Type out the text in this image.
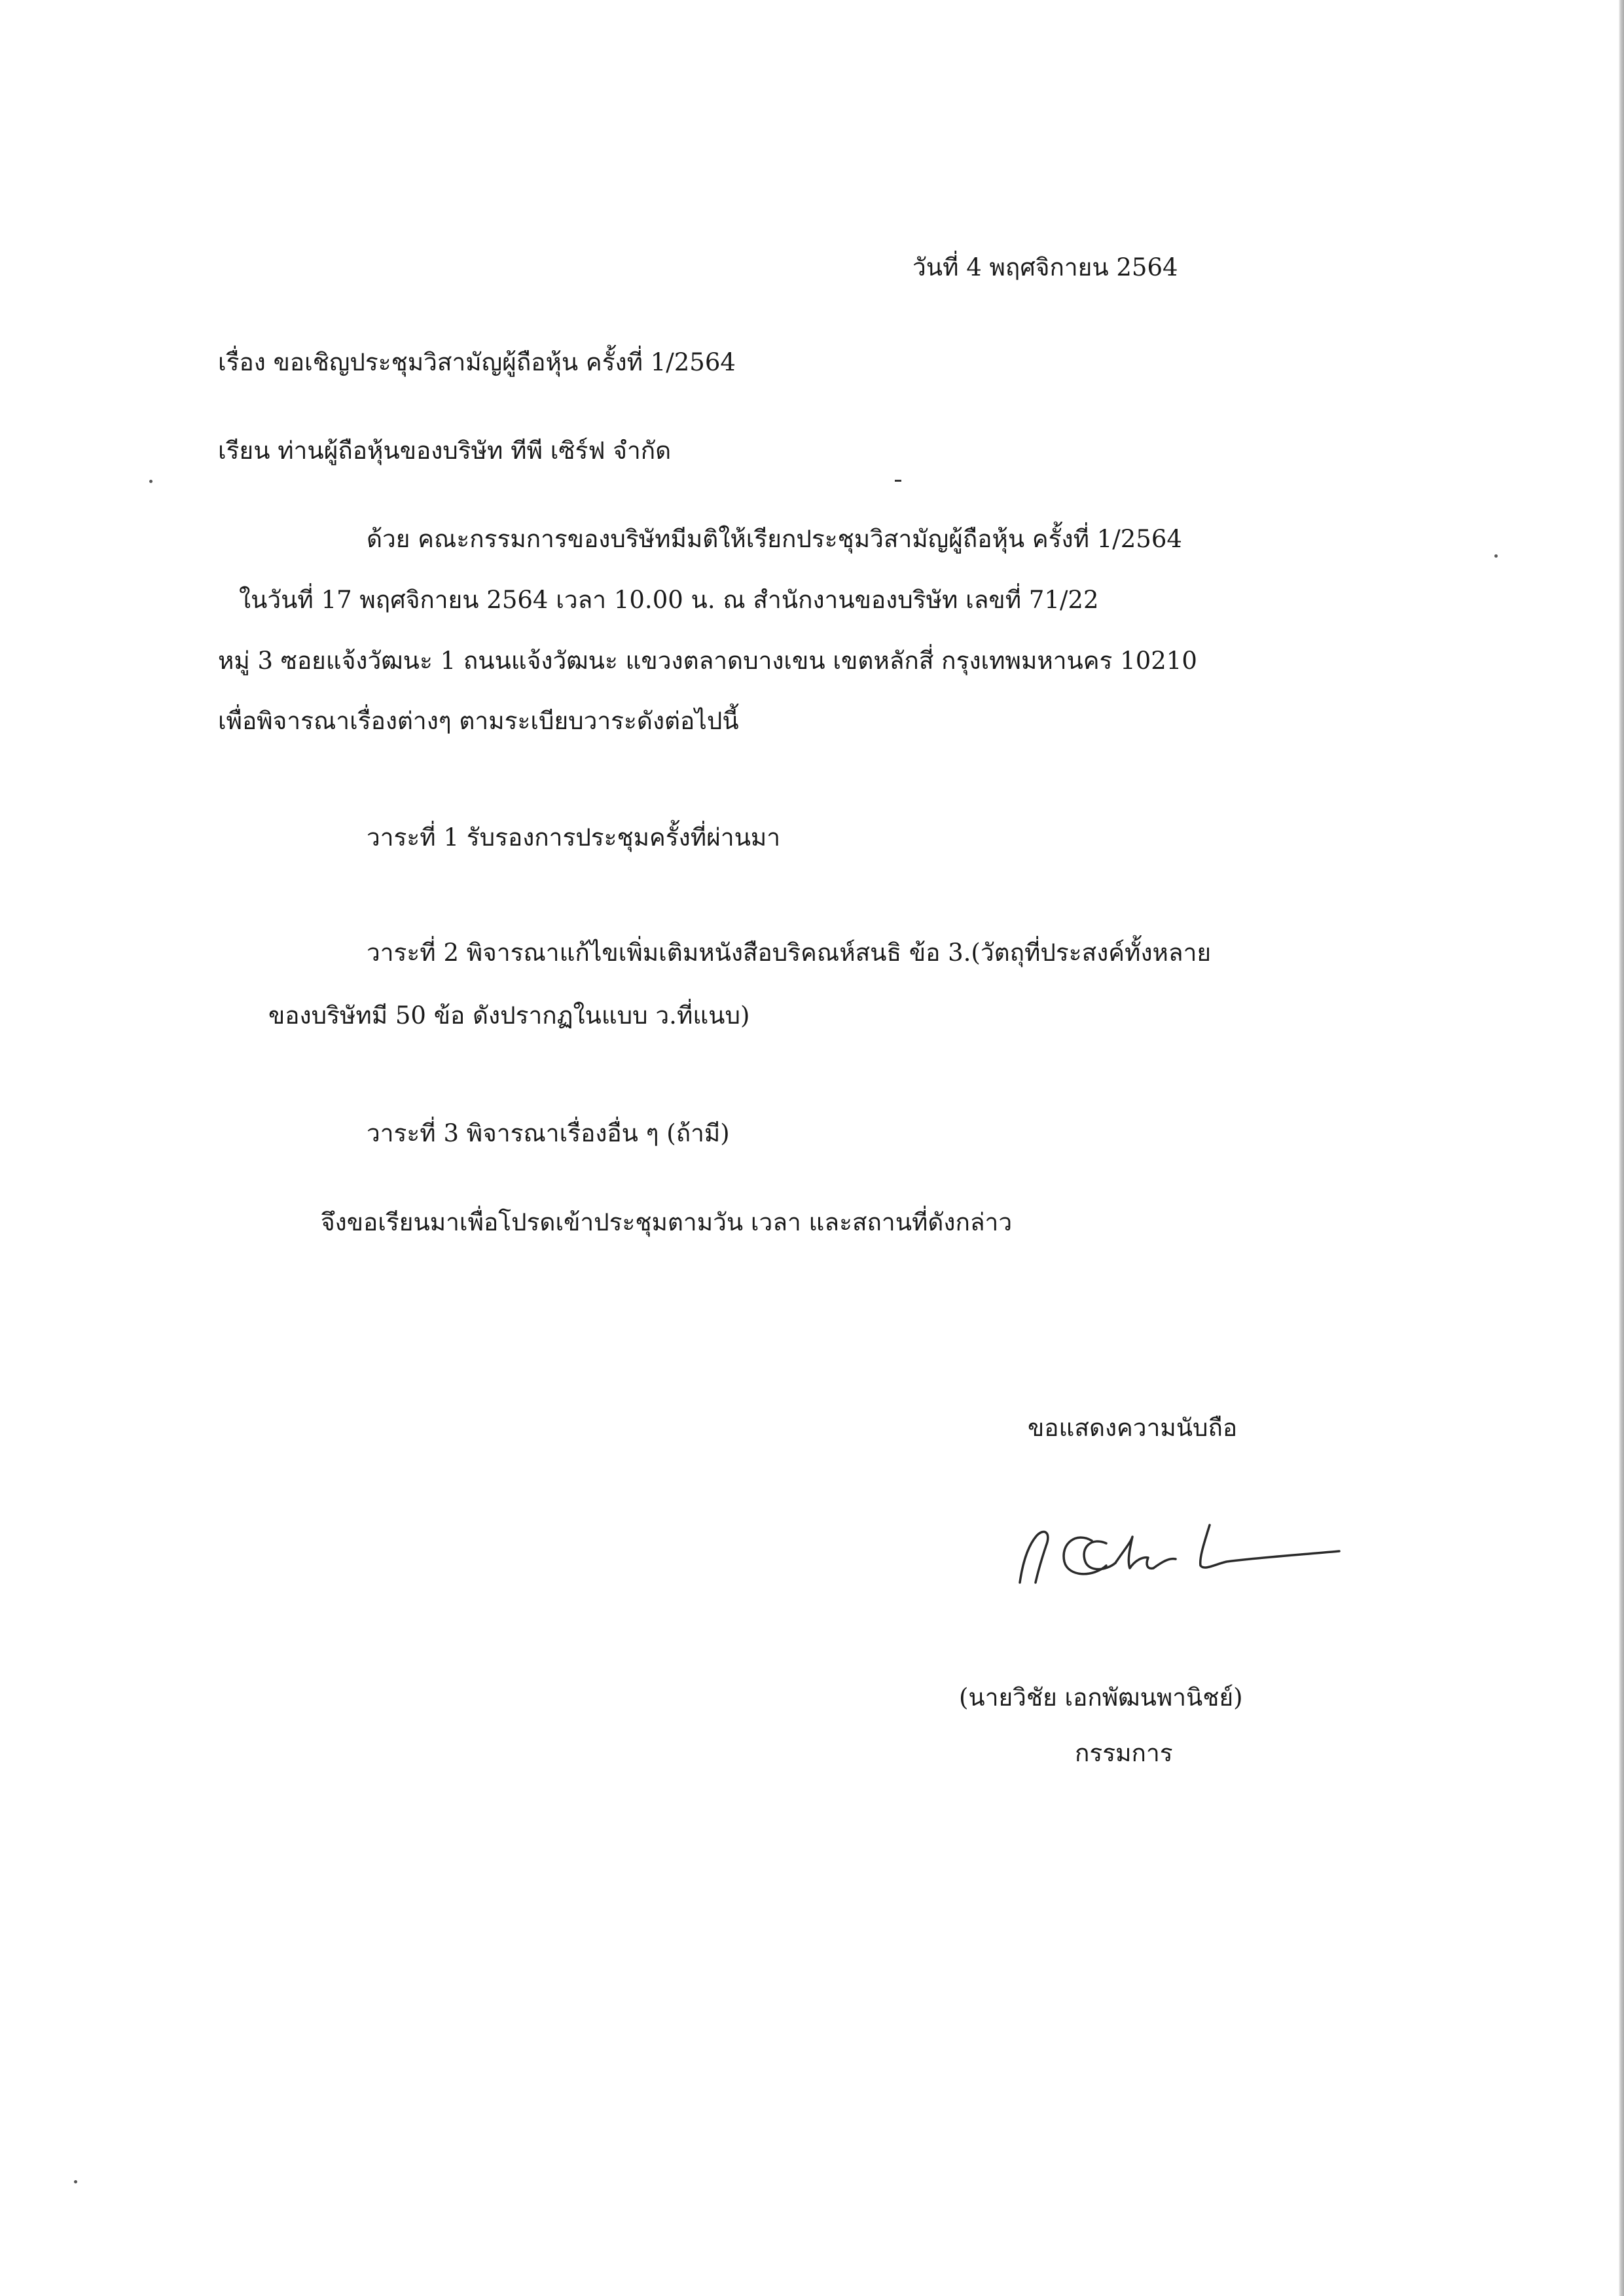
วันที่ 4 พฤศจิกายน 2564
เรื่อง ขอเชิญประชุมวิสามัญผู้ถือหุ้น ครั้งที่ 1/2564
เรียน ท่านผู้ถือหุ้นของบริษัท ทีพี เซิร์ฟ จำกัด
ด้วย คณะกรรมการของบริษัทมีมติให้เรียกประชุมวิสามัญผู้ถือหุ้น ครั้งที่ 1/2564
ในวันที่ 17 พฤศจิกายน 2564 เวลา 10.00 น. ณ สำนักงานของบริษัท เลขที่ 71/22
หมู่ 3 ซอยแจ้งวัฒนะ 1 ถนนแจ้งวัฒนะ แขวงตลาดบางเขน เขตหลักสี่ กรุงเทพมหานคร 10210
เพื่อพิจารณาเรื่องต่างๆ ตามระเบียบวาระดังต่อไปนี้
วาระที่ 1 รับรองการประชุมครั้งที่ผ่านมา
วาระที่ 2 พิจารณาแก้ไขเพิ่มเติมหนังสือบริคณห์สนธิ ข้อ 3.(วัตถุที่ประสงค์ทั้งหลาย
ของบริษัทมี 50 ข้อ ดังปรากฏในแบบ ว.ที่แนบ)
วาระที่ 3 พิจารณาเรื่องอื่น ๆ (ถ้ามี)
จึงขอเรียนมาเพื่อโปรดเข้าประชุมตามวัน เวลา และสถานที่ดังกล่าว
ขอแสดงความนับถือ
(นายวิชัย เอกพัฒนพานิชย์)
กรรมการ
